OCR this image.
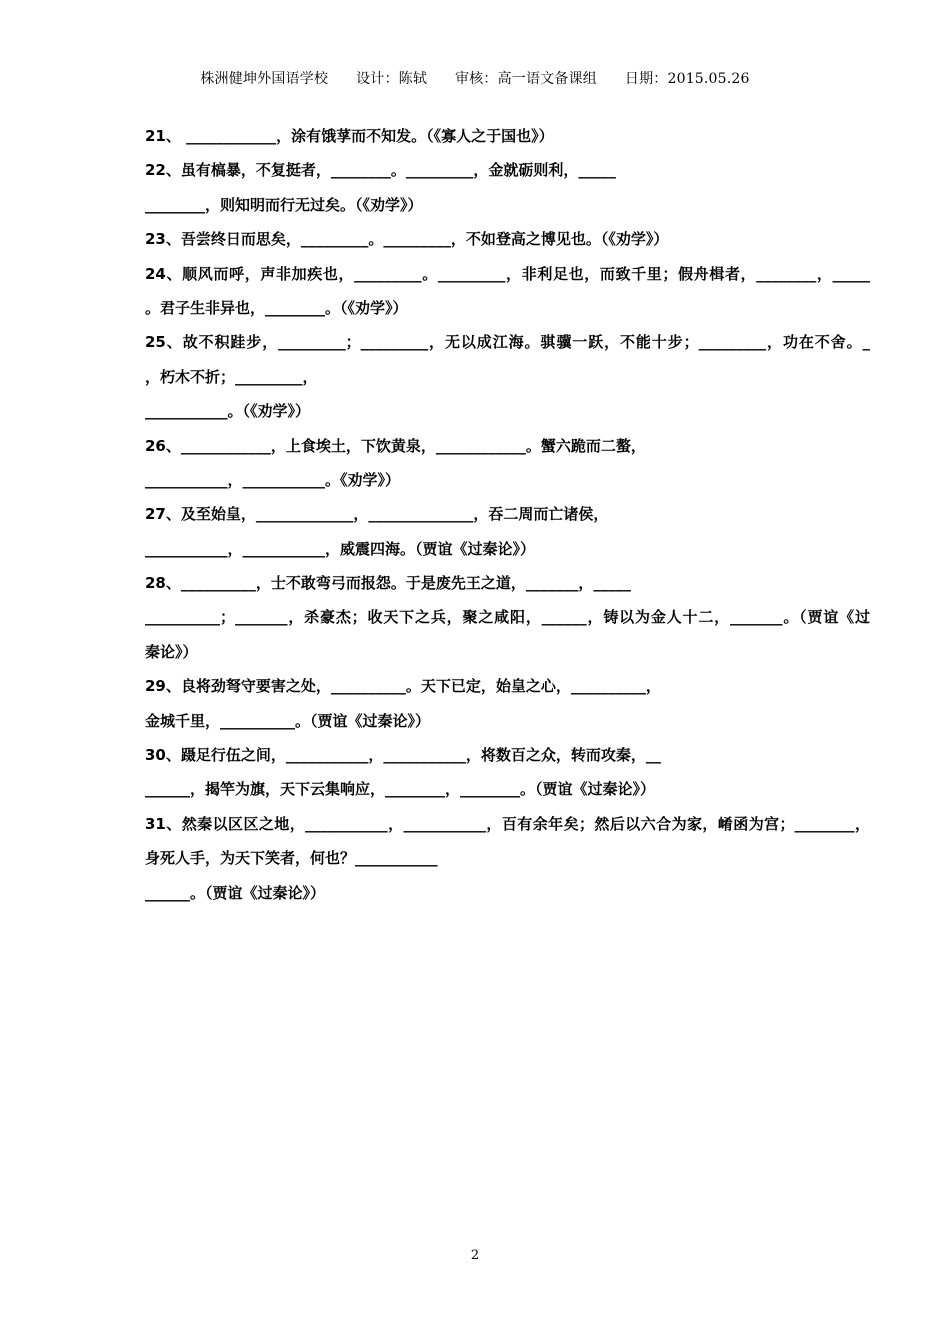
株洲健坤外国语学校 设计：陈轼 审核：高一语文备课组 日期：2015.05.26
21、 ____________，涂有饿莩而不知发。（《寡人之于国也》）
22、虽有槁暴，不复挺者，________。_________，金就砺则利，_____
________，则知明而行无过矣。（《劝学》）
23、吾尝终日而思矣，_________。_________，不如登高之博见也。（《劝学》）
24、顺风而呼，声非加疾也，_________。_________，非利足也，而致千里；假舟楫者，________，_____
。君子生非异也，________。（《劝学》）
25、故不积跬步，_________；_________，无以成江海。骐骥一跃，不能十步；_________，功在不舍。_
，朽木不折；_________，
___________。（《劝学》）
26、____________，上食埃土，下饮黄泉，____________。蟹六跪而二螯，
___________，___________。《劝学》）
27、及至始皇，_____________，______________，吞二周而亡诸侯，
___________，___________，威震四海。（贾谊《过秦论》）
28、__________，士不敢弯弓而报怨。于是废先王之道，_______，_____
__________；_______，杀豪杰；收天下之兵，聚之咸阳，______，铸以为金人十二，_______。（贾谊《过
秦论》）
29、良将劲弩守要害之处，__________。天下已定，始皇之心，__________，
金城千里，__________。（贾谊《过秦论》）
30、蹑足行伍之间，___________，___________，将数百之众，转而攻秦，__
______，揭竿为旗，天下云集响应，________，________。（贾谊《过秦论》）
31、然秦以区区之地，___________，___________，百有余年矣；然后以六合为家，崤函为宫；________，
身死人手，为天下笑者，何也？___________
______。（贾谊《过秦论》）
2
